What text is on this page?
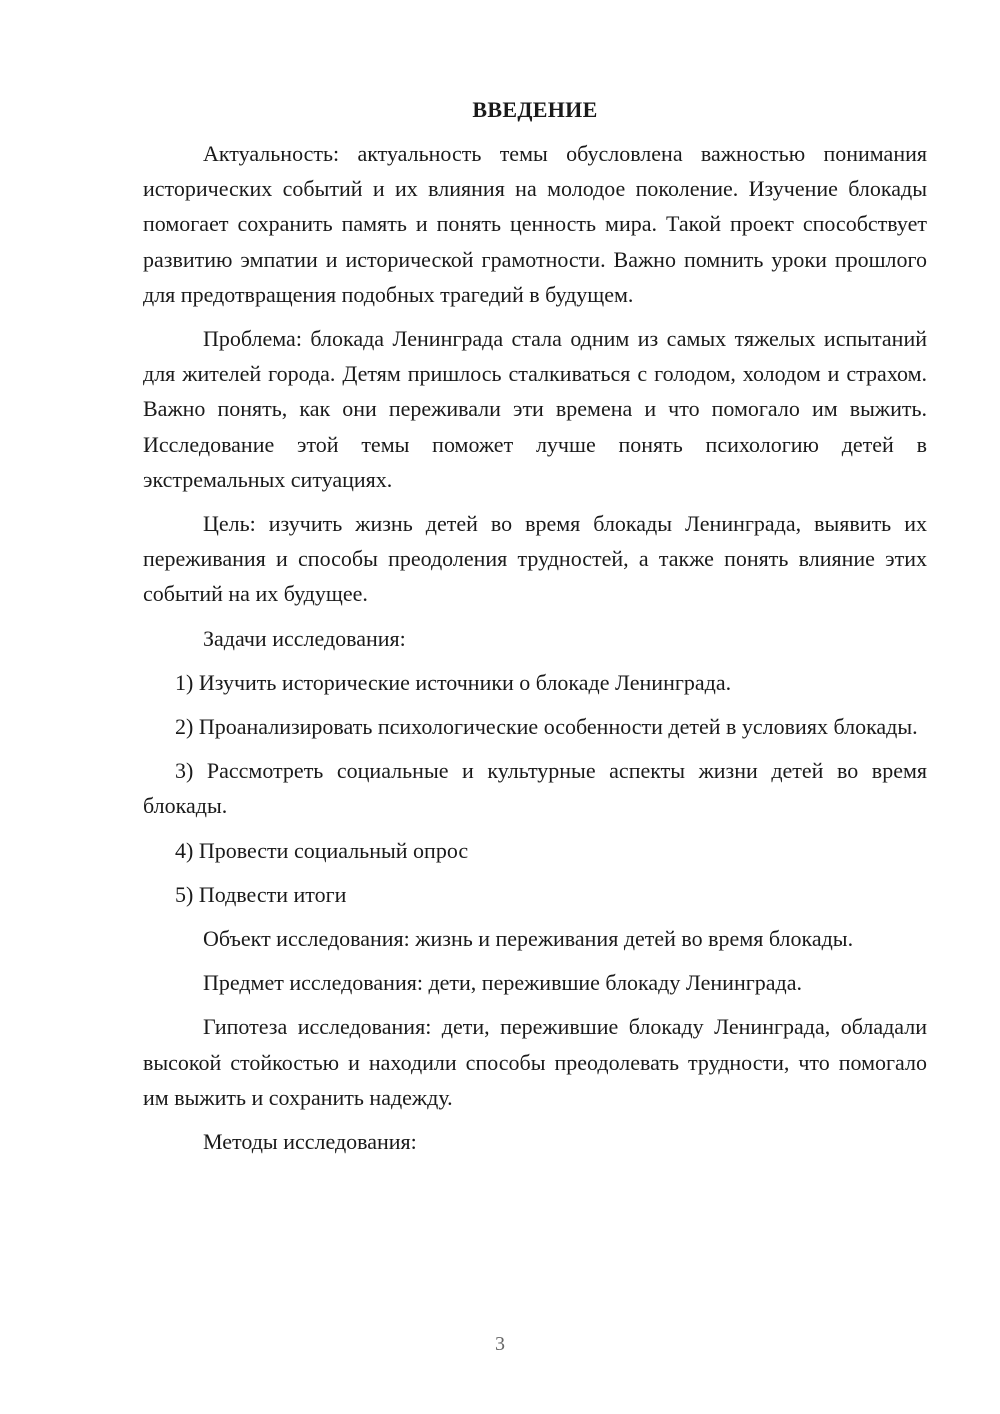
ВВЕДЕНИЕ

Актуальность: актуальность темы обусловлена важностью понимания исторических событий и их влияния на молодое поколение. Изучение блокады помогает сохранить память и понять ценность мира. Такой проект способствует развитию эмпатии и исторической грамотности. Важно помнить уроки прошлого для предотвращения подобных трагедий в будущем.

Проблема: блокада Ленинграда стала одним из самых тяжелых испытаний для жителей города. Детям пришлось сталкиваться с голодом, холодом и страхом. Важно понять, как они переживали эти времена и что помогало им выжить. Исследование этой темы поможет лучше понять психологию детей в экстремальных ситуациях.

Цель: изучить жизнь детей во время блокады Ленинграда, выявить их переживания и способы преодоления трудностей, а также понять влияние этих событий на их будущее.

Задачи исследования:

1) Изучить исторические источники о блокаде Ленинграда.

2) Проанализировать психологические особенности детей в условиях блокады.

3) Рассмотреть социальные и культурные аспекты жизни детей во время блокады.

4) Провести социальный опрос

5) Подвести итоги

Объект исследования: жизнь и переживания детей во время блокады.

Предмет исследования: дети, пережившие блокаду Ленинграда.

Гипотеза исследования: дети, пережившие блокаду Ленинграда, обладали высокой стойкостью и находили способы преодолевать трудности, что помогало им выжить и сохранить надежду.

Методы исследования:

3
